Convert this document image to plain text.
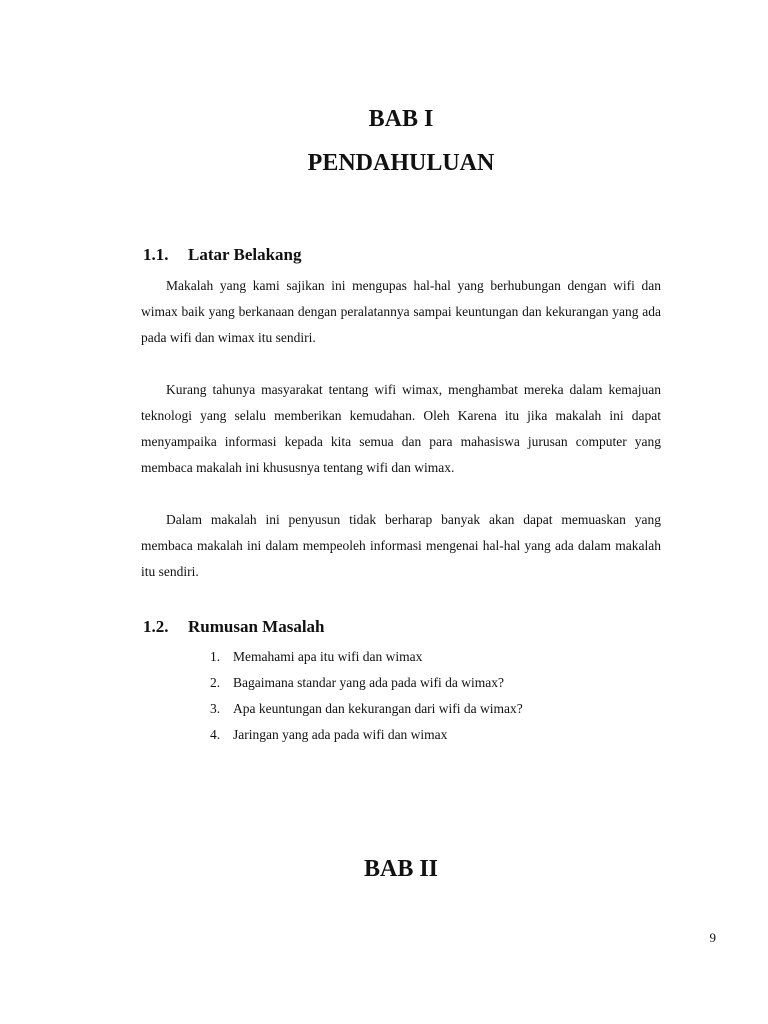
BAB I
PENDAHULUAN
1.1. Latar Belakang

Makalah yang kami sajikan ini mengupas hal-hal yang berhubungan dengan wifi dan wimax baik yang berkanaan dengan peralatannya sampai keuntungan dan kekurangan yang ada pada wifi dan wimax itu sendiri.

Kurang tahunya masyarakat tentang wifi wimax, menghambat mereka dalam kemajuan teknologi yang selalu memberikan kemudahan. Oleh Karena itu jika makalah ini dapat menyampaika informasi kepada kita semua dan para mahasiswa jurusan computer yang membaca makalah ini khususnya tentang wifi dan wimax.

Dalam makalah ini penyusun tidak berharap banyak akan dapat memuaskan yang membaca makalah ini dalam mempeoleh informasi mengenai hal-hal yang ada dalam makalah itu sendiri.

1.2. Rumusan Masalah
1. Memahami apa itu wifi dan wimax
2. Bagaimana standar yang ada pada wifi da wimax?
3. Apa keuntungan dan kekurangan dari wifi da wimax?
4. Jaringan yang ada pada wifi dan wimax
BAB II

9
